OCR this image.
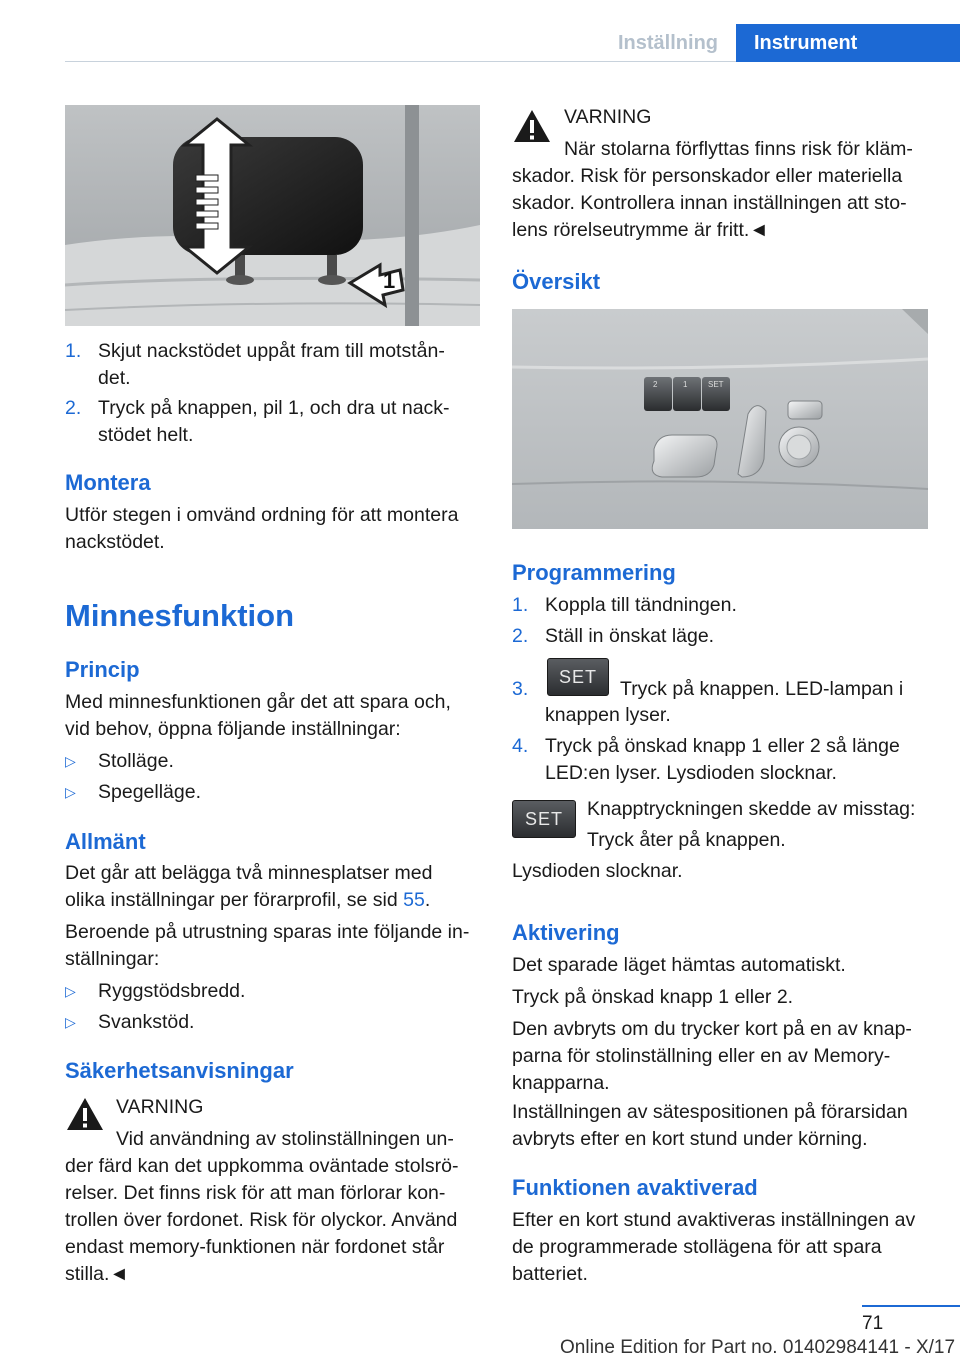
Inställning	Instrument
1
1. Skjut nackstödet uppåt fram till motstån-
det.
2. Tryck på knappen, pil 1, och dra ut nack-
stödet helt.
Montera

Utför stegen i omvänd ordning för att montera

nackstödet.

Minnesfunktion
Princip

Med minnesfunktionen går det att spara och,

vid behov, öppna följande inställningar:

▷ Stolläge.
▷ Spegelläge.
Allmänt

Det går att belägga två minnesplatser med

olika inställningar per förarprofil, se sid 55.

Beroende på utrustning sparas inte följande in-

ställningar:

▷ Ryggstödsbredd.
▷ Svankstöd.
Säkerhetsanvisningar

VARNING

Vid användning av stolinställningen un-

der färd kan det uppkomma oväntade stolsrö-

relser. Det finns risk för att man förlorar kon-

trollen över fordonet. Risk för olyckor. Använd

endast memory-funktionen när fordonet står

stilla.◄

VARNING

När stolarna förflyttas finns risk för kläm-

skador. Risk för personskador eller materiella

skador. Kontrollera innan inställningen att sto-

lens rörelseutrymme är fritt.◄

Översikt
2	1	SET
Programmering
1. Koppla till tändningen.
2. Ställ in önskat läge.
3.
SET
Tryck på knappen. LED-lampan i
knappen lyser.
4. Tryck på önskad knapp 1 eller 2 så länge
LED:en lyser. Lysdioden slocknar.
SET	Knapptryckningen skedde av misstag:

Tryck åter på knappen.

Lysdioden slocknar.

Aktivering

Det sparade läget hämtas automatiskt.

Tryck på önskad knapp 1 eller 2.

Den avbryts om du trycker kort på en av knap-

parna för stolinställning eller en av Memory-

knapparna.

Inställningen av sätespositionen på förarsidan

avbryts efter en kort stund under körning.

Funktionen avaktiverad

Efter en kort stund avaktiveras inställningen av

de programmerade stollägena för att spara

batteriet.

71
Online Edition for Part no. 01402984141 - X/17
